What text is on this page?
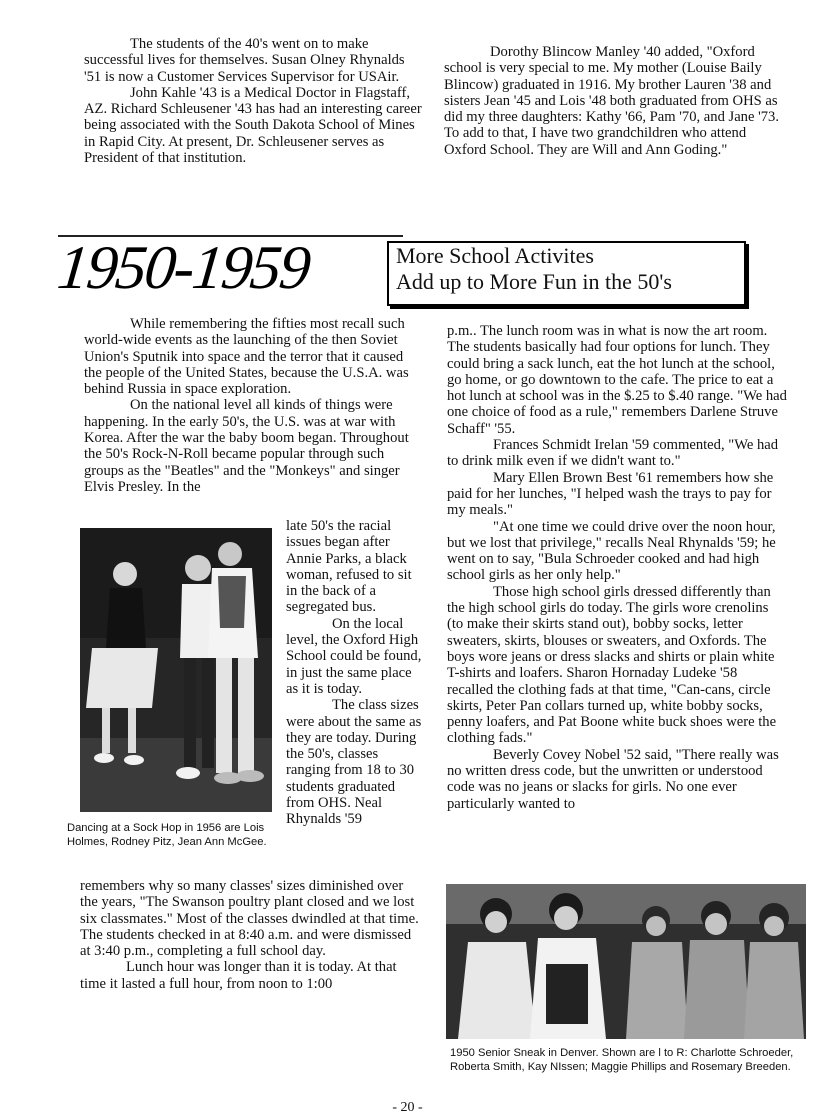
The students of the 40's went on to make successful lives for themselves. Susan Olney Rhynalds '51 is now a Customer Services Supervisor for USAir.

John Kahle '43 is a Medical Doctor in Flagstaff, AZ. Richard Schleusener '43 has had an interesting career being associated with the South Dakota School of Mines in Rapid City. At present, Dr. Schleusener serves as President of that institution.

Dorothy Blincow Manley '40 added, "Oxford school is very special to me. My mother (Louise Baily Blincow) graduated in 1916. My brother Lauren '38 and sisters Jean '45 and Lois '48 both graduated from OHS as did my three daughters: Kathy '66, Pam '70, and Jane '73. To add to that, I have two grandchildren who attend Oxford School. They are Will and Ann Goding."

1950-1959	More School Activites
Add up to More Fun in the 50's

While remembering the fifties most recall such world-wide events as the launching of the then Soviet Union's Sputnik into space and the terror that it caused the people of the United States, because the U.S.A. was behind Russia in space exploration.

On the national level all kinds of things were happening. In the early 50's, the U.S. was at war with Korea. After the war the baby boom began. Throughout the 50's Rock-N-Roll became popular through such groups as the "Beatles" and the "Monkeys" and singer Elvis Presley. In the

Dancing at a Sock Hop in 1956 are Lois Holmes, Rodney Pitz, Jean Ann McGee.

late 50's the racial issues began after Annie Parks, a black woman, refused to sit in the back of a segregated bus.

On the local level, the Oxford High School could be found, in just the same place as it is today.

The class sizes were about the same as they are today. During the 50's, classes ranging from 18 to 30 students graduated from OHS. Neal Rhynalds '59

remembers why so many classes' sizes diminished over the years, "The Swanson poultry plant closed and we lost six classmates." Most of the classes dwindled at that time. The students checked in at 8:40 a.m. and were dismissed at 3:40 p.m., completing a full school day.

Lunch hour was longer than it is today. At that time it lasted a full hour, from noon to 1:00

p.m.. The lunch room was in what is now the art room. The students basically had four options for lunch. They could bring a sack lunch, eat the hot lunch at the school, go home, or go downtown to the cafe. The price to eat a hot lunch at school was in the $.25 to $.40 range. "We had one choice of food as a rule," remembers Darlene Struve Schaff" '55.

Frances Schmidt Irelan '59 commented, "We had to drink milk even if we didn't want to."

Mary Ellen Brown Best '61 remembers how she paid for her lunches, "I helped wash the trays to pay for my meals."

"At one time we could drive over the noon hour, but we lost that privilege," recalls Neal Rhynalds '59; he went on to say, "Bula Schroeder cooked and had high school girls as her only help."

Those high school girls dressed differently than the high school girls do today. The girls wore crenolins (to make their skirts stand out), bobby socks, letter sweaters, skirts, blouses or sweaters, and Oxfords. The boys wore jeans or dress slacks and shirts or plain white T-shirts and loafers. Sharon Hornaday Ludeke '58 recalled the clothing fads at that time, "Can-cans, circle skirts, Peter Pan collars turned up, white bobby socks, penny loafers, and Pat Boone white buck shoes were the clothing fads."

Beverly Covey Nobel '52 said, "There really was no written dress code, but the unwritten or understood code was no jeans or slacks for girls. No one ever particularly wanted to

1950 Senior Sneak in Denver. Shown are l to R: Charlotte Schroeder, Roberta Smith, Kay NIssen; Maggie Phillips and Rosemary Breeden.
- 20 -
